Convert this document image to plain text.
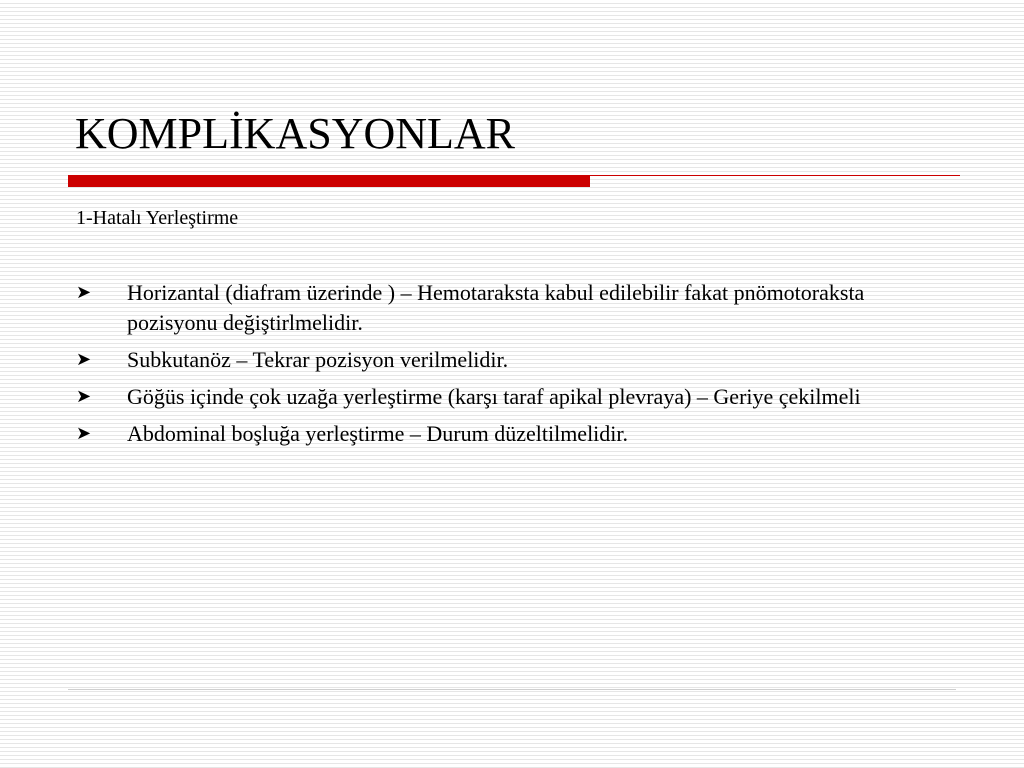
KOMPLİKASYONLAR
1-Hatalı Yerleştirme
➤ Horizantal (diafram üzerinde ) – Hemotaraksta kabul edilebilir fakat pnömotoraksta pozisyonu değiştirlmelidir.
➤ Subkutanöz – Tekrar pozisyon verilmelidir.
➤ Göğüs içinde çok uzağa yerleştirme (karşı taraf apikal plevraya) – Geriye çekilmeli
➤ Abdominal boşluğa yerleştirme – Durum düzeltilmelidir.
